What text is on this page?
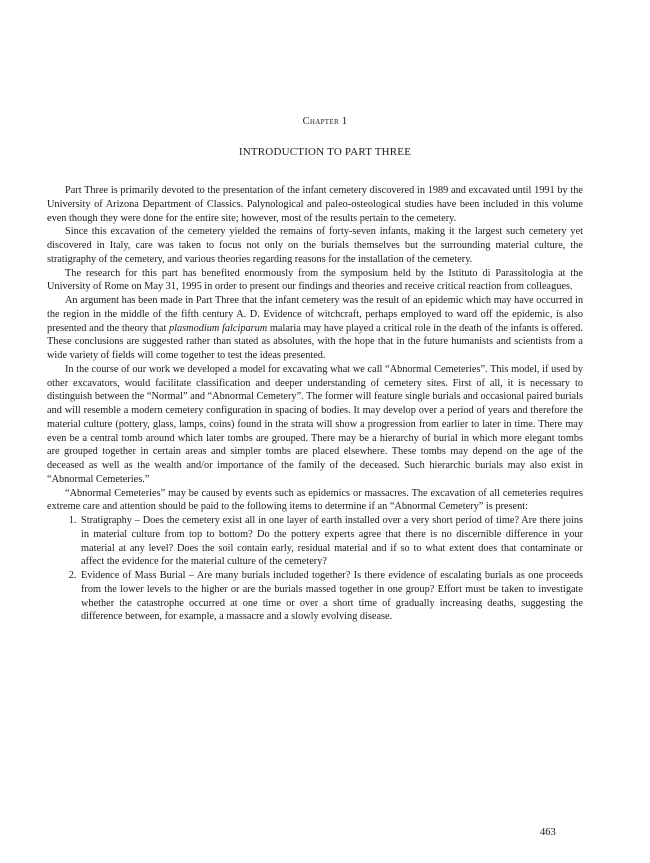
Chapter 1
INTRODUCTION TO PART THREE

Part Three is primarily devoted to the presentation of the infant cemetery discovered in 1989 and excavated until 1991 by the University of Arizona Department of Classics. Palynological and paleo-osteological studies have been included in this volume even though they were done for the entire site; however, most of the results pertain to the cemetery.

Since this excavation of the cemetery yielded the remains of forty-seven infants, making it the largest such cemetery yet discovered in Italy, care was taken to focus not only on the burials themselves but the surrounding material culture, the stratigraphy of the cemetery, and various theories regarding reasons for the installation of the cemetery.

The research for this part has benefited enormously from the symposium held by the Istituto di Parassitologia at the University of Rome on May 31, 1995 in order to present our findings and theories and receive critical reaction from colleagues.

An argument has been made in Part Three that the infant cemetery was the result of an epidemic which may have occurred in the region in the middle of the fifth century A. D. Evidence of witchcraft, perhaps employed to ward off the epidemic, is also presented and the theory that plasmodium falciparum malaria may have played a critical role in the death of the infants is offered. These conclusions are suggested rather than stated as absolutes, with the hope that in the future humanists and scientists from a wide variety of fields will come together to test the ideas presented.

In the course of our work we developed a model for excavating what we call “Abnormal Cemeteries”. This model, if used by other excavators, would facilitate classification and deeper understanding of cemetery sites. First of all, it is necessary to distinguish between the “Normal” and “Abnormal Cemetery”. The former will feature single burials and occasional paired burials and will resemble a modern cemetery configuration in spacing of bodies. It may develop over a period of years and therefore the material culture (pottery, glass, lamps, coins) found in the strata will show a progression from earlier to later in time. There may even be a central tomb around which later tombs are grouped. There may be a hierarchy of burial in which more elegant tombs are grouped together in certain areas and simpler tombs are placed elsewhere. These tombs may depend on the age of the deceased as well as the wealth and/or importance of the family of the deceased. Such hierarchic burials may also exist in “Abnormal Cemeteries.”

“Abnormal Cemeteries” may be caused by events such as epidemics or massacres. The excavation of all cemeteries requires extreme care and attention should be paid to the following items to determine if an “Abnormal Cemetery” is present:

1. Stratigraphy – Does the cemetery exist all in one layer of earth installed over a very short period of time? Are there joins in material culture from top to bottom? Do the pottery experts agree that there is no discernible difference in your material at any level? Does the soil contain early, residual material and if so to what extent does that contaminate or affect the evidence for the material culture of the cemetery?
2. Evidence of Mass Burial – Are many burials included together? Is there evidence of escalating burials as one proceeds from the lower levels to the higher or are the burials massed together in one group? Effort must be taken to investigate whether the catastrophe occurred at one time or over a short time of gradually increasing deaths, suggesting the difference between, for example, a massacre and a slowly evolving disease.
463
